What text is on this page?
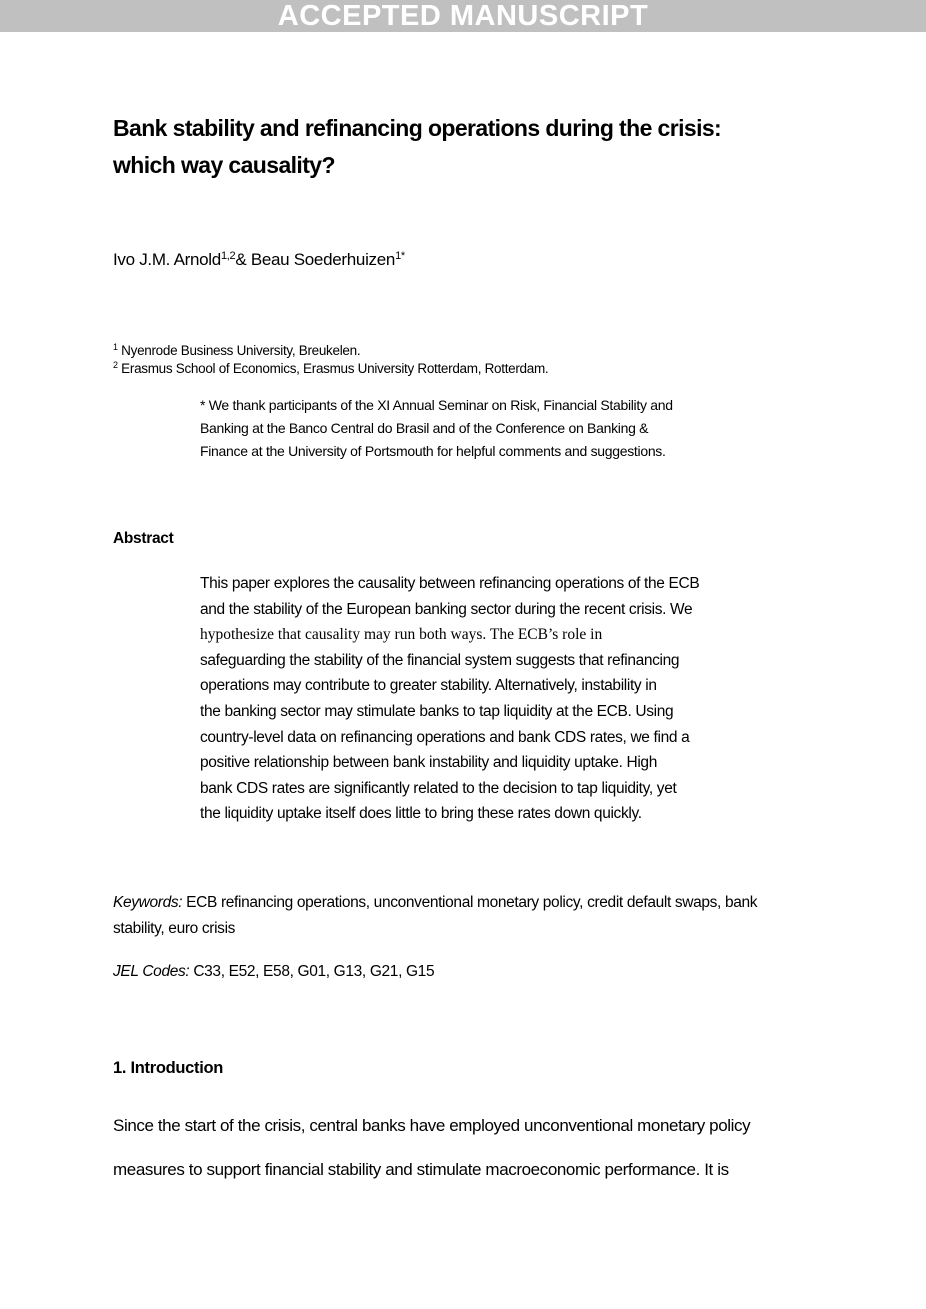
ACCEPTED MANUSCRIPT
Bank stability and refinancing operations during the crisis:
which way causality?
Ivo J.M. Arnold$^{1,2}$& Beau Soederhuizen$^{1*}$
$^1$ Nyenrode Business University, Breukelen.
$^2$ Erasmus School of Economics, Erasmus University Rotterdam, Rotterdam.
* We thank participants of the XI Annual Seminar on Risk, Financial Stability and
Banking at the Banco Central do Brasil and of the Conference on Banking &
Finance at the University of Portsmouth for helpful comments and suggestions.
Abstract
This paper explores the causality between refinancing operations of the ECB
and the stability of the European banking sector during the recent crisis. We
hypothesize that causality may run both ways. The ECB’s role in
safeguarding the stability of the financial system suggests that refinancing
operations may contribute to greater stability. Alternatively, instability in
the banking sector may stimulate banks to tap liquidity at the ECB. Using
country-level data on refinancing operations and bank CDS rates, we find a
positive relationship between bank instability and liquidity uptake. High
bank CDS rates are significantly related to the decision to tap liquidity, yet
the liquidity uptake itself does little to bring these rates down quickly.
Keywords: ECB refinancing operations, unconventional monetary policy, credit default swaps, bank
stability, euro crisis
JEL Codes: C33, E52, E58, G01, G13, G21, G15
1. Introduction
Since the start of the crisis, central banks have employed unconventional monetary policy
measures to support financial stability and stimulate macroeconomic performance. It is
